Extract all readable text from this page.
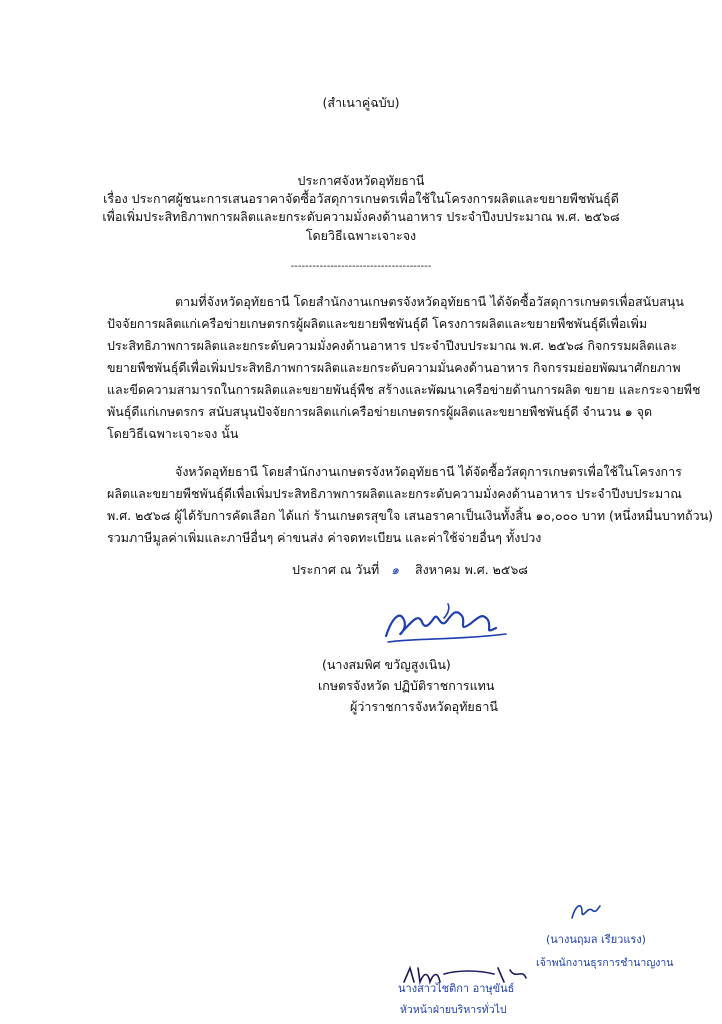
(สำเนาคู่ฉบับ)
ประกาศจังหวัดอุทัยธานี
เรื่อง ประกาศผู้ชนะการเสนอราคาจัดซื้อวัสดุการเกษตรเพื่อใช้ในโครงการผลิตและขยายพืชพันธุ์ดี
เพื่อเพิ่มประสิทธิภาพการผลิตและยกระดับความมั่งคงด้านอาหาร ประจำปีงบประมาณ พ.ศ. ๒๕๖๘
โดยวิธีเฉพาะเจาะจง
---------------------------------------
ตามที่จังหวัดอุทัยธานี โดยสำนักงานเกษตรจังหวัดอุทัยธานี ได้จัดซื้อวัสดุการเกษตรเพื่อสนับสนุน
ปัจจัยการผลิตแก่เครือข่ายเกษตรกรผู้ผลิตและขยายพืชพันธุ์ดี โครงการผลิตและขยายพืชพันธุ์ดีเพื่อเพิ่ม
ประสิทธิภาพการผลิตและยกระดับความมั่งคงด้านอาหาร ประจำปีงบประมาณ พ.ศ. ๒๕๖๘ กิจกรรมผลิตและ
ขยายพืชพันธุ์ดีเพื่อเพิ่มประสิทธิภาพการผลิตและยกระดับความมั่นคงด้านอาหาร กิจกรรมย่อยพัฒนาศักยภาพ
และขีดความสามารถในการผลิตและขยายพันธุ์พืช สร้างและพัฒนาเครือข่ายด้านการผลิต ขยาย และกระจายพืช
พันธุ์ดีแก่เกษตรกร สนับสนุนปัจจัยการผลิตแก่เครือข่ายเกษตรกรผู้ผลิตและขยายพืชพันธุ์ดี จำนวน ๑ จุด
โดยวิธีเฉพาะเจาะจง นั้น
จังหวัดอุทัยธานี โดยสำนักงานเกษตรจังหวัดอุทัยธานี ได้จัดซื้อวัสดุการเกษตรเพื่อใช้ในโครงการ
ผลิตและขยายพืชพันธุ์ดีเพื่อเพิ่มประสิทธิภาพการผลิตและยกระดับความมั่งคงด้านอาหาร ประจำปีงบประมาณ
พ.ศ. ๒๕๖๘ ผู้ได้รับการคัดเลือก ได้แก่ ร้านเกษตรสุขใจ เสนอราคาเป็นเงินทั้งสิ้น ๑๐,๐๐๐ บาท (หนึ่งหมื่นบาทถ้วน)
รวมภาษีมูลค่าเพิ่มและภาษีอื่นๆ ค่าขนส่ง ค่าจดทะเบียน และค่าใช้จ่ายอื่นๆ ทั้งปวง
ประกาศ ณ วันที่ ๑ สิงหาคม พ.ศ. ๒๕๖๘
(นางสมพิศ ขวัญสูงเนิน)
เกษตรจังหวัด ปฏิบัติราชการแทน
ผู้ว่าราชการจังหวัดอุทัยธานี
(นางนฤมล เรียวแรง)
เจ้าพนักงานธุรการชำนาญงาน
นางสาวไชติกา อาษุขันธ์
หัวหน้าฝ่ายบริหารทั่วไป
